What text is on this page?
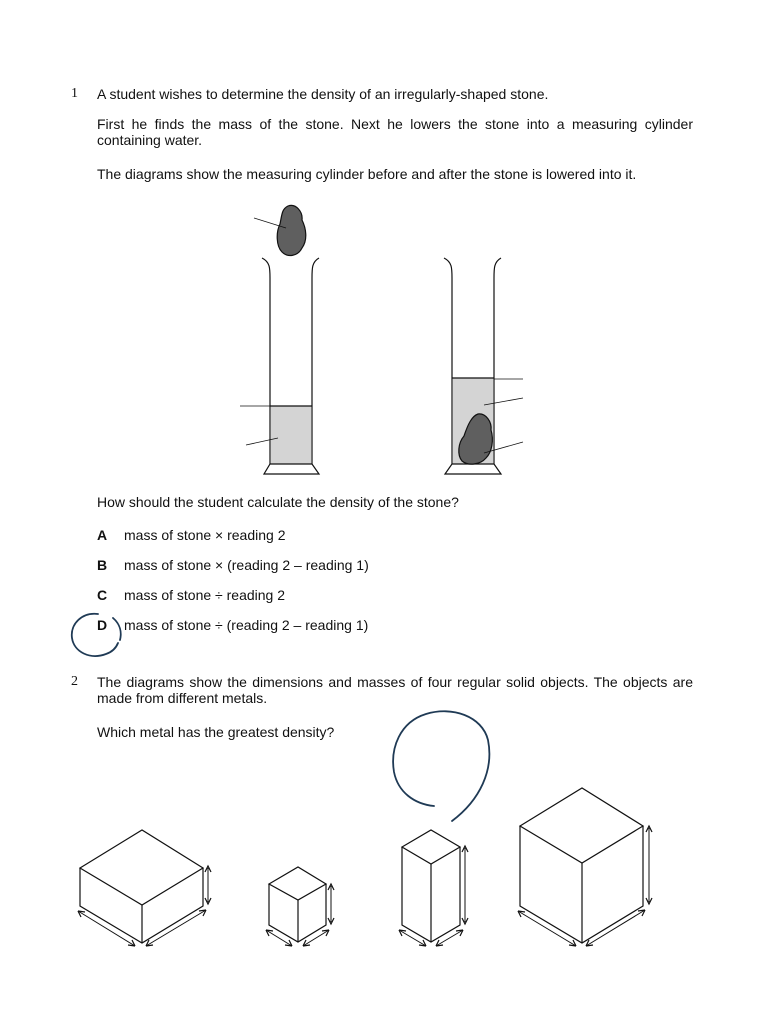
1 A student wishes to determine the density of an irregularly-shaped stone.
First he finds the mass of the stone. Next he lowers the stone into a measuring cylinder containing water.
The diagrams show the measuring cylinder before and after the stone is lowered into it.
How should the student calculate the density of the stone?
A mass of stone × reading 2
B mass of stone × (reading 2 – reading 1)
C mass of stone ÷ reading 2
D mass of stone ÷ (reading 2 – reading 1)
2 The diagrams show the dimensions and masses of four regular solid objects. The objects are made from different metals.
Which metal has the greatest density?
